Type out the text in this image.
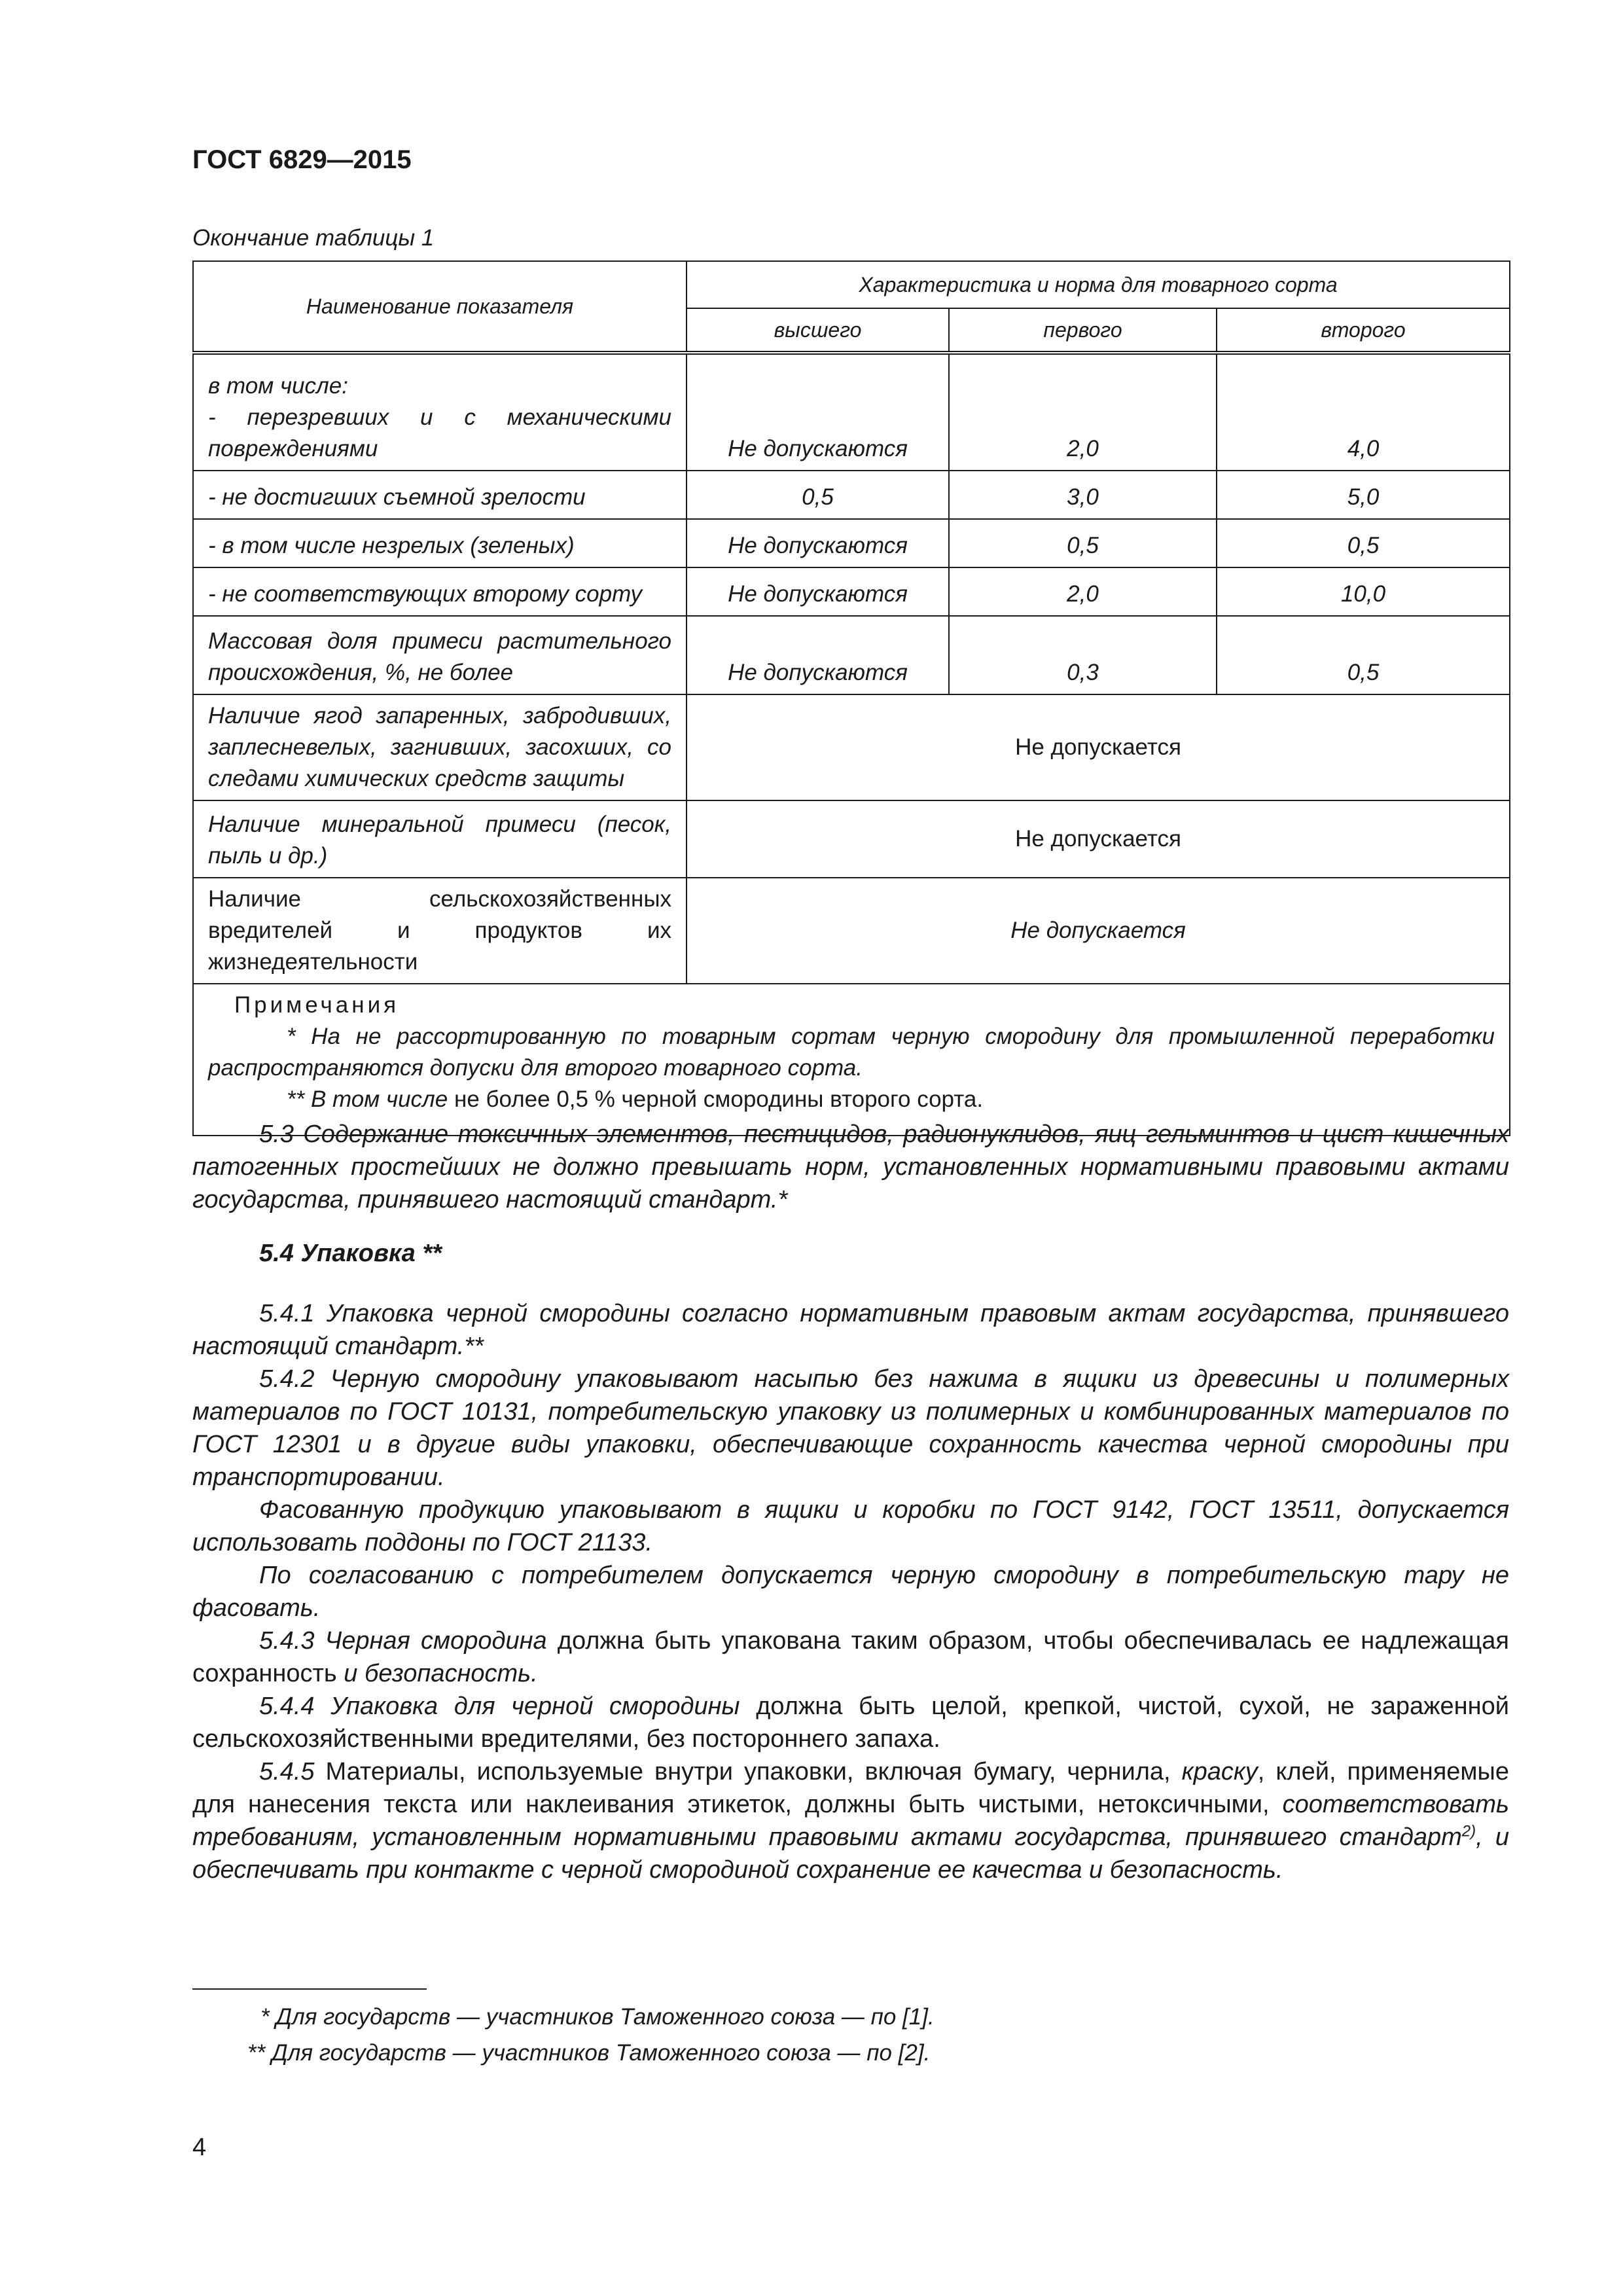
ГОСТ 6829—2015
Окончание таблицы 1
Наименование показателя	Характеристика и норма для товарного сорта		
	высшего	первого	второго

в том числе:
- перезревших и с механическими повреждениями	Не допускаются	2,0	4,0
- не достигших съемной зрелости	0,5	3,0	5,0
- в том числе незрелых (зеленых)	Не допускаются	0,5	0,5
- не соответствующих второму сорту	Не допускаются	2,0	10,0
Массовая доля примеси растительного происхождения, %, не более	Не допускаются	0,3	0,5
Наличие ягод запаренных, забродивших, заплесневелых, загнивших, засохших, со следами химических средств защиты	Не допускается		
Наличие минеральной примеси (песок, пыль и др.)	Не допускается		
Наличие сельскохозяйственных вредителей и продуктов их жизнедеятельности	Не допускается		

Примечания

* На не рассортированную по товарным сортам черную смородину для промышленной переработки распространяются допуски для второго товарного сорта.

** В том числе не более 0,5 % черной смородины второго сорта.			

5.3 Содержание токсичных элементов, пестицидов, радионуклидов, яиц гельминтов и цист кишечных патогенных простейших не должно превышать норм, установленных нормативными правовыми актами государства, принявшего настоящий стандарт.*

5.4 Упаковка **

5.4.1 Упаковка черной смородины согласно нормативным правовым актам государства, принявшего настоящий стандарт.**

5.4.2 Черную смородину упаковывают насыпью без нажима в ящики из древесины и полимерных материалов по ГОСТ 10131, потребительскую упаковку из полимерных и комбинированных материалов по ГОСТ 12301 и в другие виды упаковки, обеспечивающие сохранность качества черной смородины при транспортировании.

Фасованную продукцию упаковывают в ящики и коробки по ГОСТ 9142, ГОСТ 13511, допускается использовать поддоны по ГОСТ 21133.

По согласованию с потребителем допускается черную смородину в потребительскую тару не фасовать.

5.4.3 Черная смородина должна быть упакована таким образом, чтобы обеспечивалась ее надлежащая сохранность и безопасность.

5.4.4 Упаковка для черной смородины должна быть целой, крепкой, чистой, сухой, не зараженной сельскохозяйственными вредителями, без постороннего запаха.

5.4.5 Материалы, используемые внутри упаковки, включая бумагу, чернила, краску, клей, применяемые для нанесения текста или наклеивания этикеток, должны быть чистыми, нетоксичными, соответствовать требованиям, установленным нормативными правовыми актами государства, принявшего стандарт$^{2)}$, и обеспечивать при контакте с черной смородиной сохранение ее качества и безопасность.

* Для государств — участников Таможенного союза — по [1].

** Для государств — участников Таможенного союза — по [2].

4
